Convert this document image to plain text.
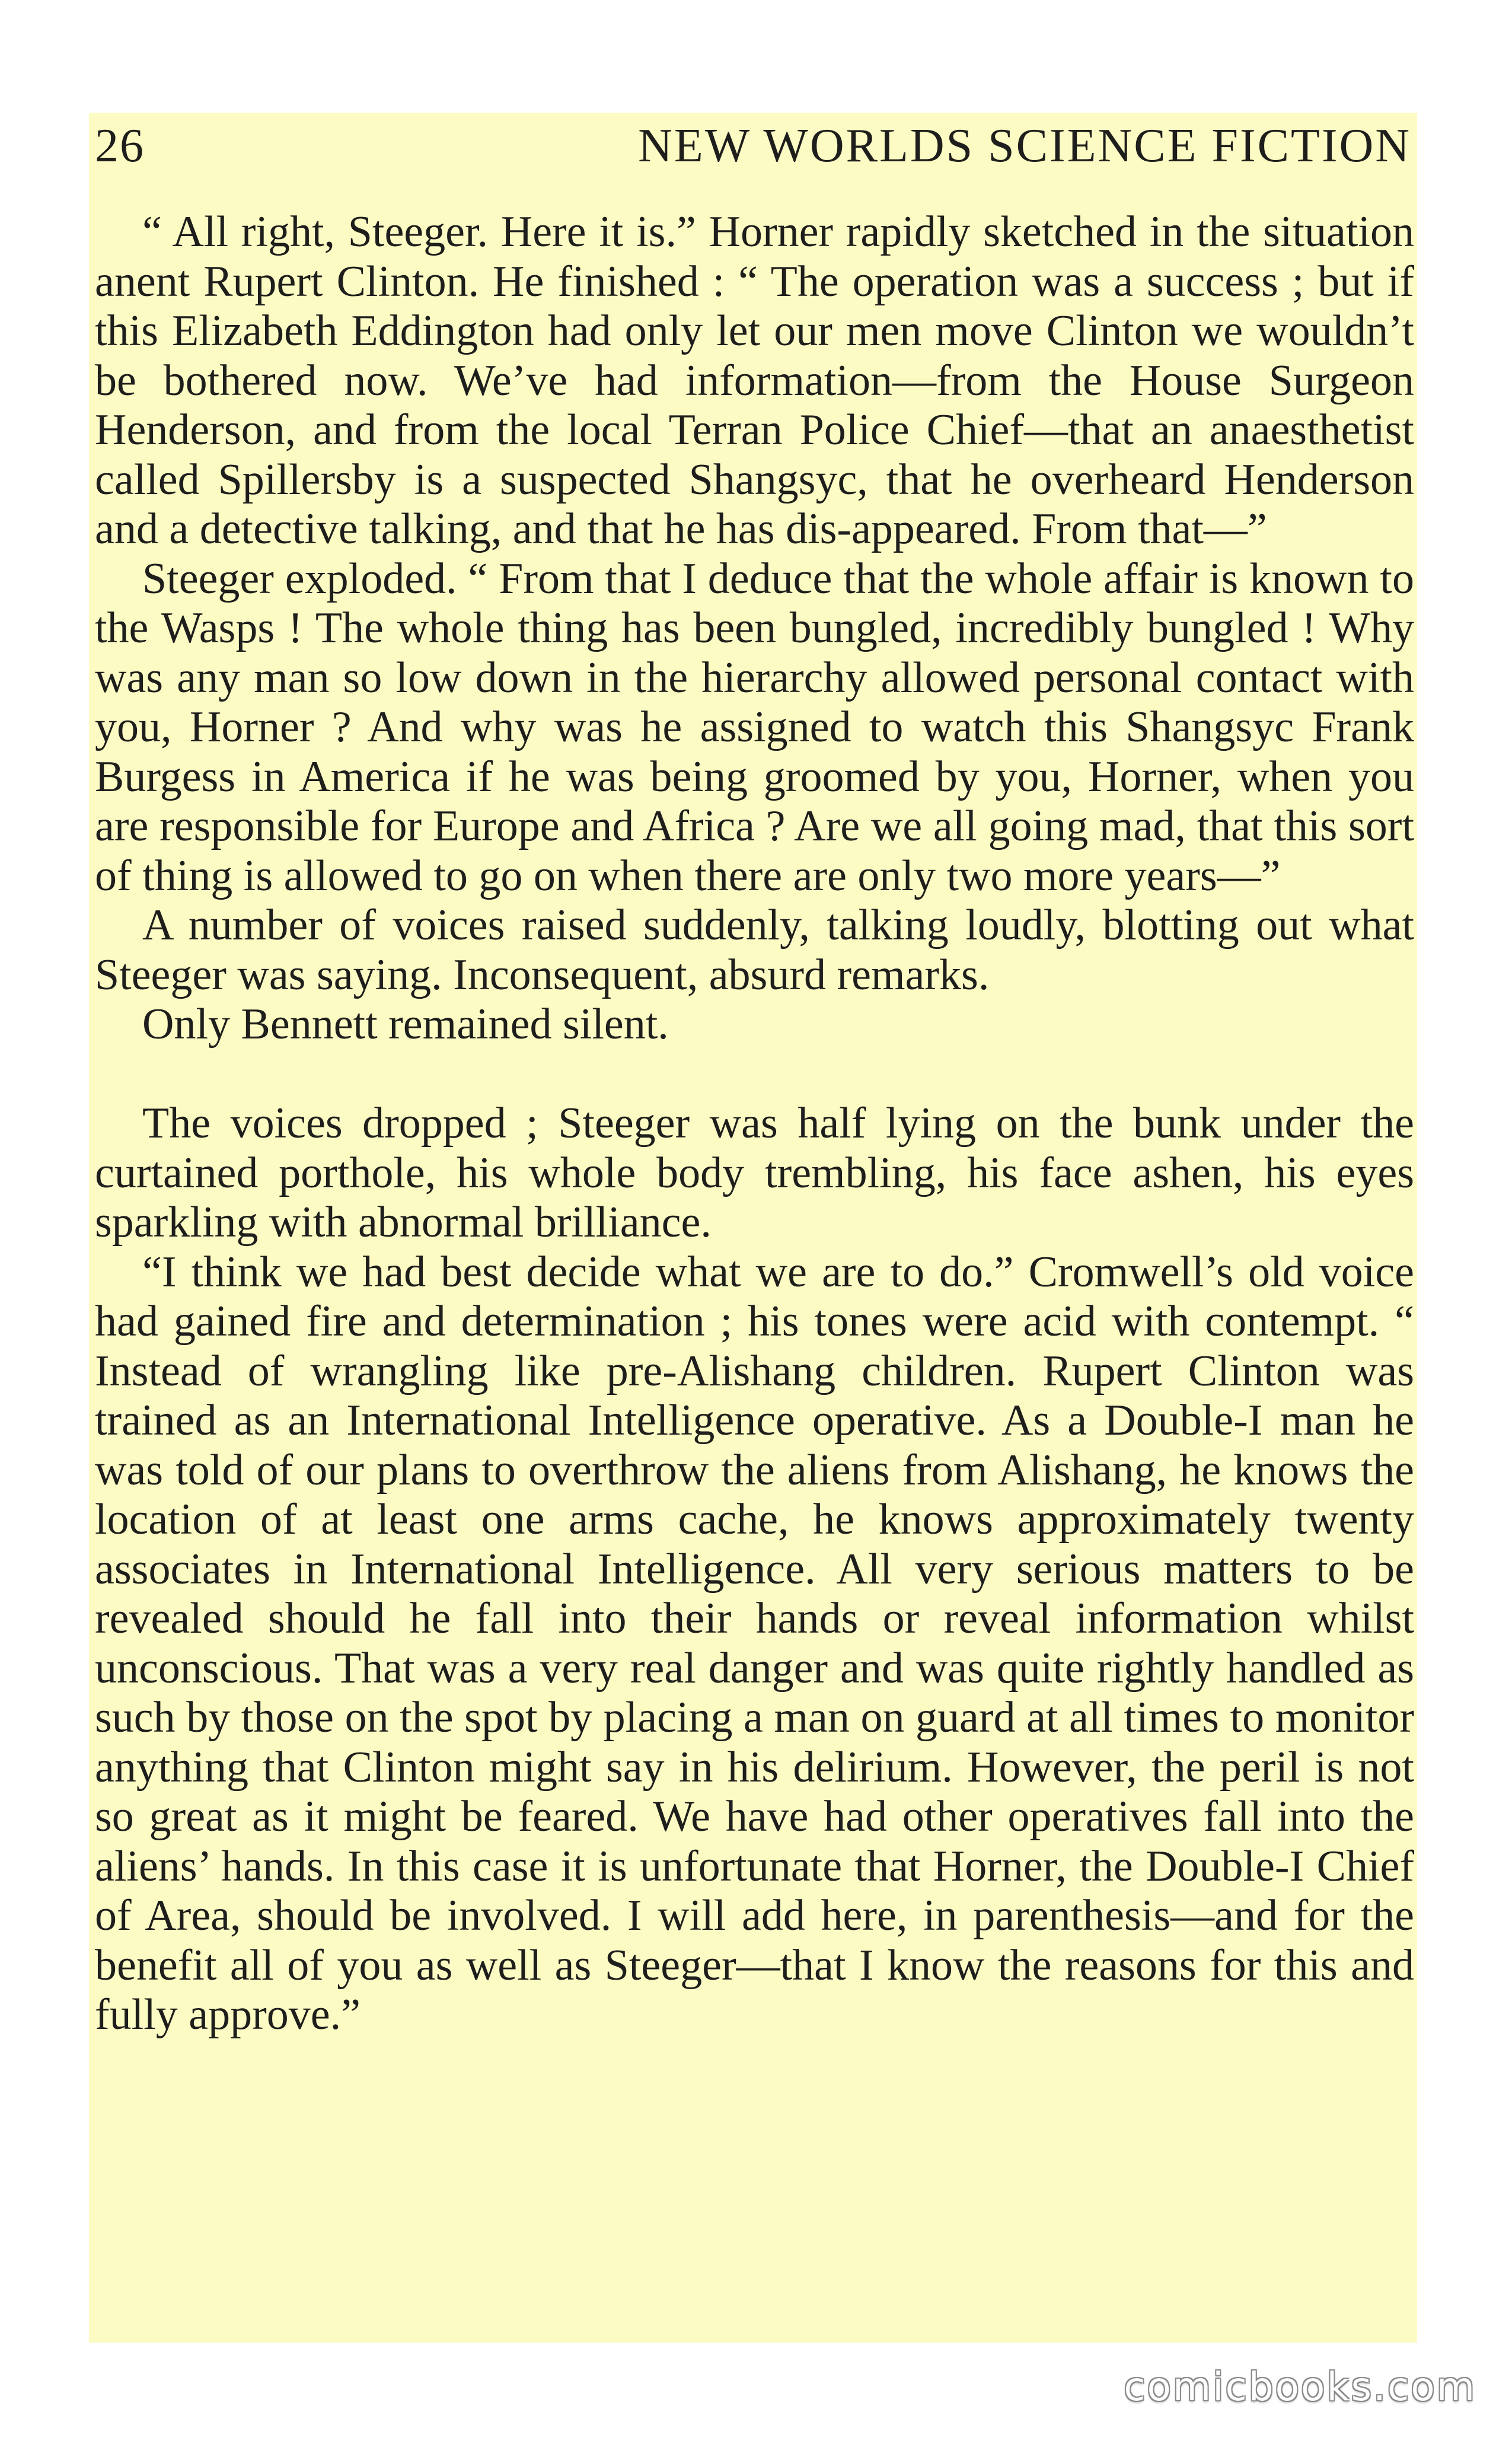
26	NEW WORLDS SCIENCE FICTION

“ All right, Steeger. Here it is.” Horner rapidly sketched in the situation anent Rupert Clinton. He finished : “ The operation was a success ; but if this Elizabeth Eddington had only let our men move Clinton we wouldn’t be bothered now. We’ve had information—from the House Surgeon Henderson, and from the local Terran Police Chief—that an anaesthetist called Spillersby is a suspected Shangsyc, that he overheard Henderson and a detective talking, and that he has dis-appeared. From that—”

Steeger exploded. “ From that I deduce that the whole affair is known to the Wasps ! The whole thing has been bungled, incredibly bungled ! Why was any man so low down in the hierarchy allowed personal contact with you, Horner ? And why was he assigned to watch this Shangsyc Frank Burgess in America if he was being groomed by you, Horner, when you are responsible for Europe and Africa ? Are we all going mad, that this sort of thing is allowed to go on when there are only two more years—”

A number of voices raised suddenly, talking loudly, blotting out what Steeger was saying. Inconsequent, absurd remarks.

Only Bennett remained silent.

The voices dropped ; Steeger was half lying on the bunk under the curtained porthole, his whole body trembling, his face ashen, his eyes sparkling with abnormal brilliance.

“I think we had best decide what we are to do.” Cromwell’s old voice had gained fire and determination ; his tones were acid with contempt. “ Instead of wrangling like pre-Alishang children. Rupert Clinton was trained as an International Intelligence operative. As a Double-I man he was told of our plans to overthrow the aliens from Alishang, he knows the location of at least one arms cache, he knows approximately twenty associates in International Intelligence. All very serious matters to be revealed should he fall into their hands or reveal information whilst unconscious. That was a very real danger and was quite rightly handled as such by those on the spot by placing a man on guard at all times to monitor anything that Clinton might say in his delirium. However, the peril is not so great as it might be feared. We have had other operatives fall into the aliens’ hands. In this case it is unfortunate that Horner, the Double-I Chief of Area, should be involved. I will add here, in parenthesis—and for the benefit all of you as well as Steeger—that I know the reasons for this and fully approve.”

comicbooks.com
